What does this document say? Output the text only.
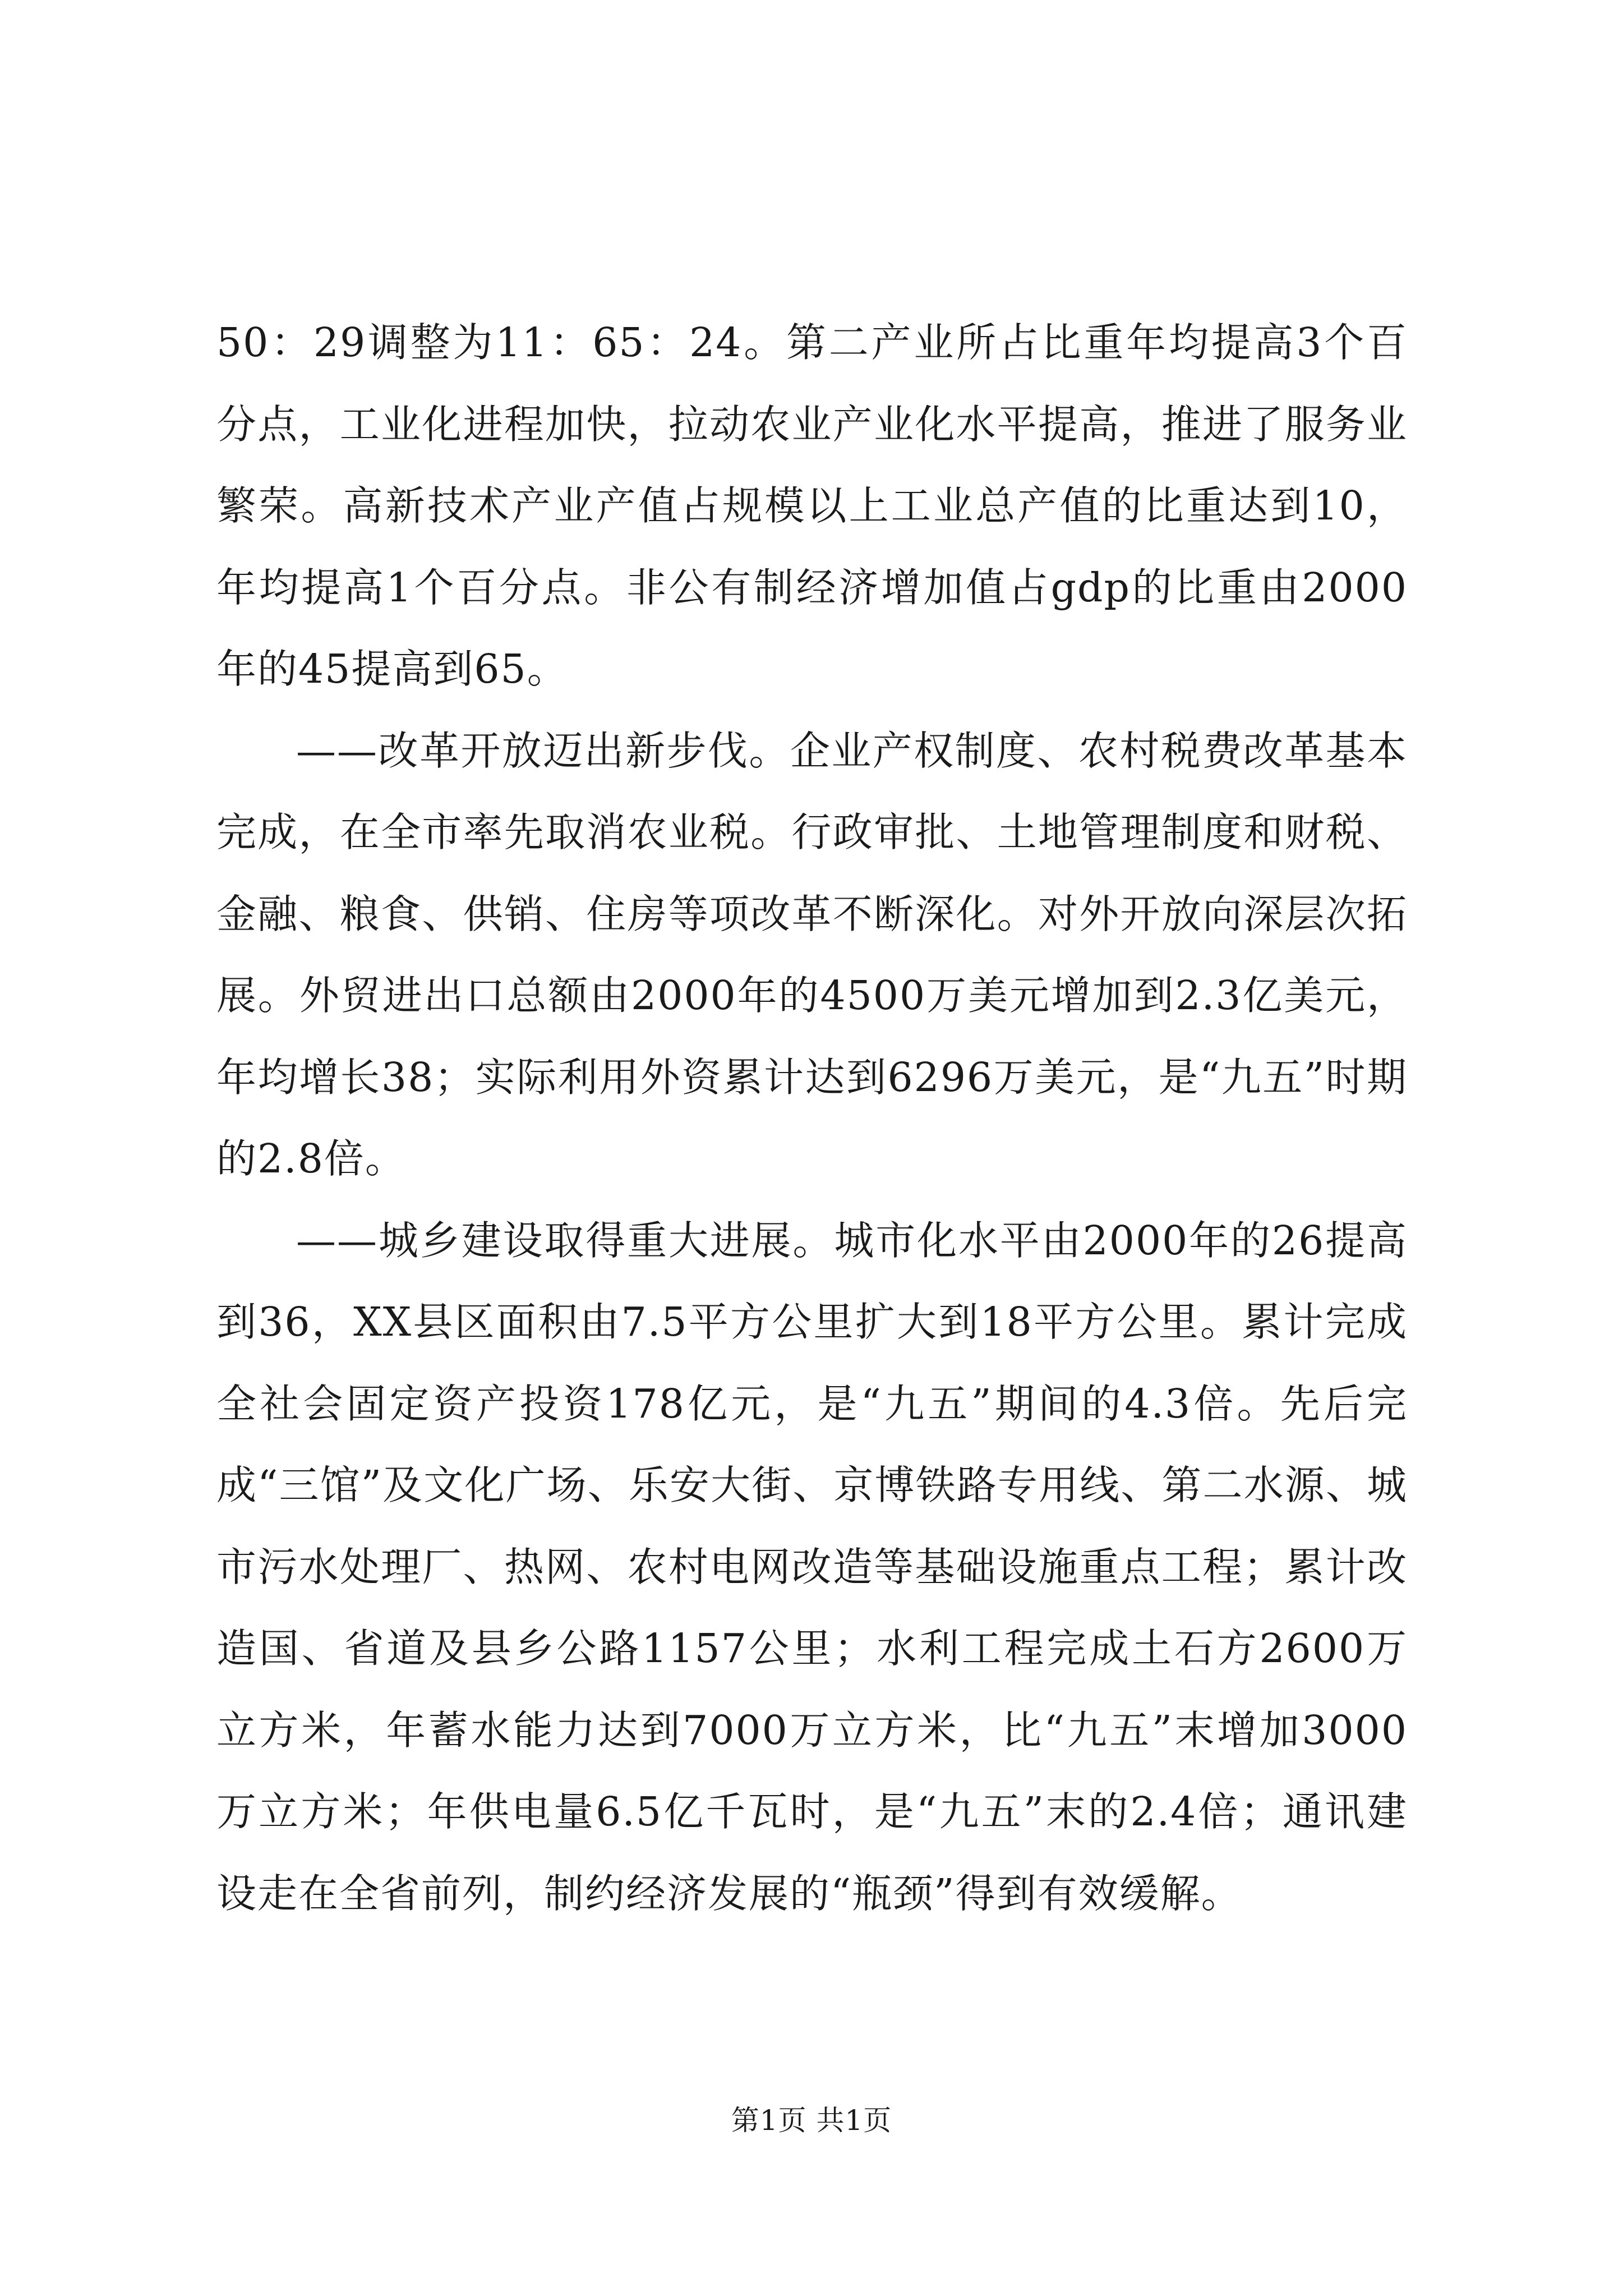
50：29调整为11：65：24。第二产业所占比重年均提高3个百分点，工业化进程加快，拉动农业产业化水平提高，推进了服务业繁荣。高新技术产业产值占规模以上工业总产值的比重达到10，年均提高1个百分点。非公有制经济增加值占gdp的比重由2000年的45提高到65。

——改革开放迈出新步伐。企业产权制度、农村税费改革基本完成，在全市率先取消农业税。行政审批、土地管理制度和财税、金融、粮食、供销、住房等项改革不断深化。对外开放向深层次拓展。外贸进出口总额由2000年的4500万美元增加到2.3亿美元，年均增长38；实际利用外资累计达到6296万美元，是“九五”时期的2.8倍。

——城乡建设取得重大进展。城市化水平由2000年的26提高到36，XX县区面积由7.5平方公里扩大到18平方公里。累计完成全社会固定资产投资178亿元，是“九五”期间的4.3倍。先后完成“三馆”及文化广场、乐安大街、京博铁路专用线、第二水源、城市污水处理厂、热网、农村电网改造等基础设施重点工程；累计改造国、省道及县乡公路1157公里；水利工程完成土石方2600万立方米，年蓄水能力达到7000万立方米，比“九五”末增加3000万立方米；年供电量6.5亿千瓦时，是“九五”末的2.4倍；通讯建设走在全省前列，制约经济发展的“瓶颈”得到有效缓解。

第1页 共1页
